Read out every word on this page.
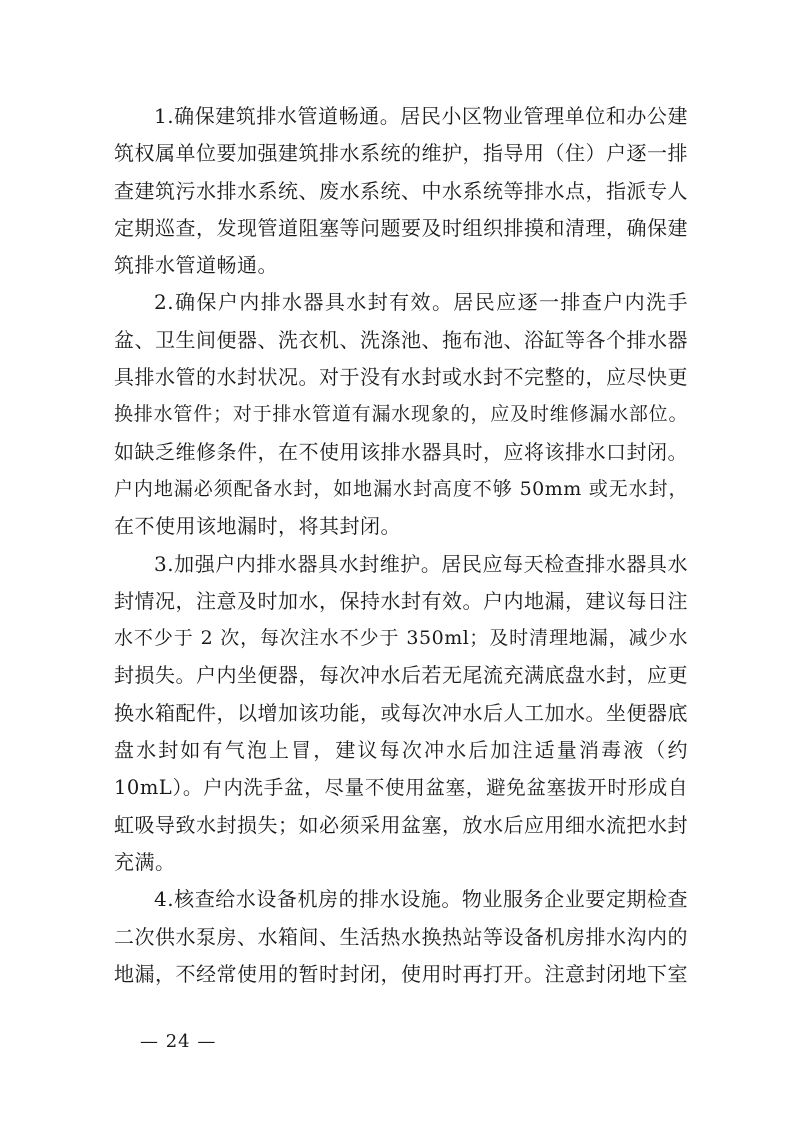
1.确保建筑排水管道畅通。居民小区物业管理单位和办公建
筑权属单位要加强建筑排水系统的维护，指导用（住）户逐一排
查建筑污水排水系统、废水系统、中水系统等排水点，指派专人
定期巡查，发现管道阻塞等问题要及时组织排摸和清理，确保建
筑排水管道畅通。
2.确保户内排水器具水封有效。居民应逐一排查户内洗手
盆、卫生间便器、洗衣机、洗涤池、拖布池、浴缸等各个排水器
具排水管的水封状况。对于没有水封或水封不完整的，应尽快更
换排水管件；对于排水管道有漏水现象的，应及时维修漏水部位。
如缺乏维修条件，在不使用该排水器具时，应将该排水口封闭。
户内地漏必须配备水封，如地漏水封高度不够 50mm 或无水封，
在不使用该地漏时，将其封闭。
3.加强户内排水器具水封维护。居民应每天检查排水器具水
封情况，注意及时加水，保持水封有效。户内地漏，建议每日注
水不少于 2 次，每次注水不少于 350ml；及时清理地漏，减少水
封损失。户内坐便器，每次冲水后若无尾流充满底盘水封，应更
换水箱配件，以增加该功能，或每次冲水后人工加水。坐便器底
盘水封如有气泡上冒，建议每次冲水后加注适量消毒液（约
10mL）。户内洗手盆，尽量不使用盆塞，避免盆塞拔开时形成自
虹吸导致水封损失；如必须采用盆塞，放水后应用细水流把水封
充满。
4.核查给水设备机房的排水设施。物业服务企业要定期检查
二次供水泵房、水箱间、生活热水换热站等设备机房排水沟内的
地漏，不经常使用的暂时封闭，使用时再打开。注意封闭地下室
— 24 —
